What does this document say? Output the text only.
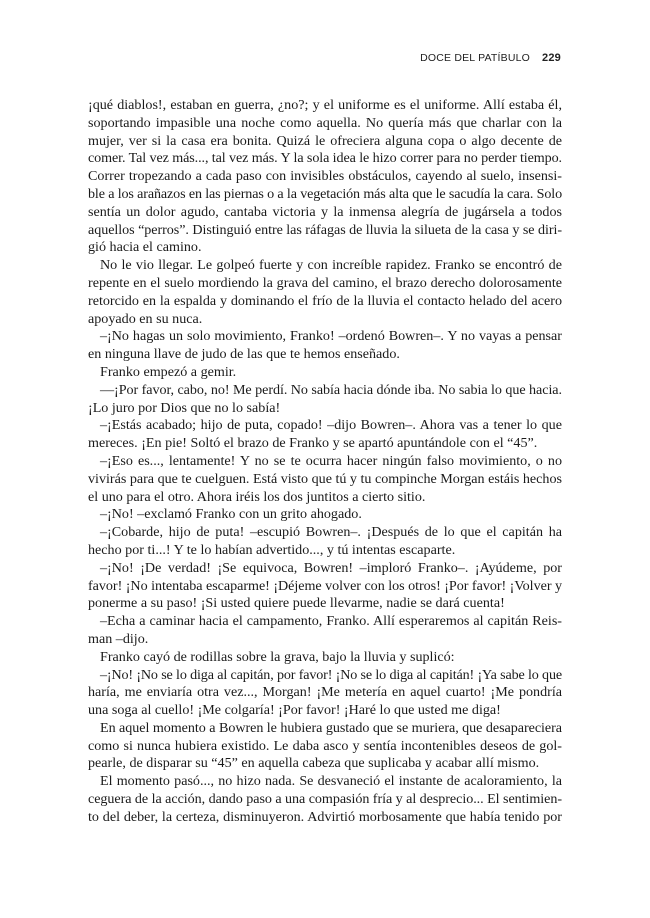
DOCE DEL PATÍBULO 229
¡qué diablos!, estaban en guerra, ¿no?; y el uniforme es el uniforme. Allí estaba él,
soportando impasible una noche como aquella. No quería más que charlar con la
mujer, ver si la casa era bonita. Quizá le ofreciera alguna copa o algo decente de
comer. Tal vez más..., tal vez más. Y la sola idea le hizo correr para no perder tiempo.
Correr tropezando a cada paso con invisibles obstáculos, cayendo al suelo, insensi-
ble a los arañazos en las piernas o a la vegetación más alta que le sacudía la cara. Solo
sentía un dolor agudo, cantaba victoria y la inmensa alegría de jugársela a todos
aquellos “perros”. Distinguió entre las ráfagas de lluvia la silueta de la casa y se diri-
gió hacia el camino.
No le vio llegar. Le golpeó fuerte y con increíble rapidez. Franko se encontró de
repente en el suelo mordiendo la grava del camino, el brazo derecho dolorosamente
retorcido en la espalda y dominando el frío de la lluvia el contacto helado del acero
apoyado en su nuca.
–¡No hagas un solo movimiento, Franko! –ordenó Bowren–. Y no vayas a pensar
en ninguna llave de judo de las que te hemos enseñado.
Franko empezó a gemir.
—¡Por favor, cabo, no! Me perdí. No sabía hacia dónde iba. No sabia lo que hacia.
¡Lo juro por Dios que no lo sabía!
–¡Estás acabado; hijo de puta, copado! –dijo Bowren–. Ahora vas a tener lo que
mereces. ¡En pie! Soltó el brazo de Franko y se apartó apuntándole con el “45”.
–¡Eso es..., lentamente! Y no se te ocurra hacer ningún falso movimiento, o no
vivirás para que te cuelguen. Está visto que tú y tu compinche Morgan estáis hechos
el uno para el otro. Ahora iréis los dos juntitos a cierto sitio.
–¡No! –exclamó Franko con un grito ahogado.
–¡Cobarde, hijo de puta! –escupió Bowren–. ¡Después de lo que el capitán ha
hecho por ti...! Y te lo habían advertido..., y tú intentas escaparte.
–¡No! ¡De verdad! ¡Se equivoca, Bowren! –imploró Franko–. ¡Ayúdeme, por
favor! ¡No intentaba escaparme! ¡Déjeme volver con los otros! ¡Por favor! ¡Volver y
ponerme a su paso! ¡Si usted quiere puede llevarme, nadie se dará cuenta!
–Echa a caminar hacia el campamento, Franko. Allí esperaremos al capitán Reis-
man –dijo.
Franko cayó de rodillas sobre la grava, bajo la lluvia y suplicó:
–¡No! ¡No se lo diga al capitán, por favor! ¡No se lo diga al capitán! ¡Ya sabe lo que
haría, me enviaría otra vez..., Morgan! ¡Me metería en aquel cuarto! ¡Me pondría
una soga al cuello! ¡Me colgaría! ¡Por favor! ¡Haré lo que usted me diga!
En aquel momento a Bowren le hubiera gustado que se muriera, que desapareciera
como si nunca hubiera existido. Le daba asco y sentía incontenibles deseos de gol-
pearle, de disparar su “45” en aquella cabeza que suplicaba y acabar allí mismo.
El momento pasó..., no hizo nada. Se desvaneció el instante de acaloramiento, la
ceguera de la acción, dando paso a una compasión fría y al desprecio... El sentimien-
to del deber, la certeza, disminuyeron. Advirtió morbosamente que había tenido por
